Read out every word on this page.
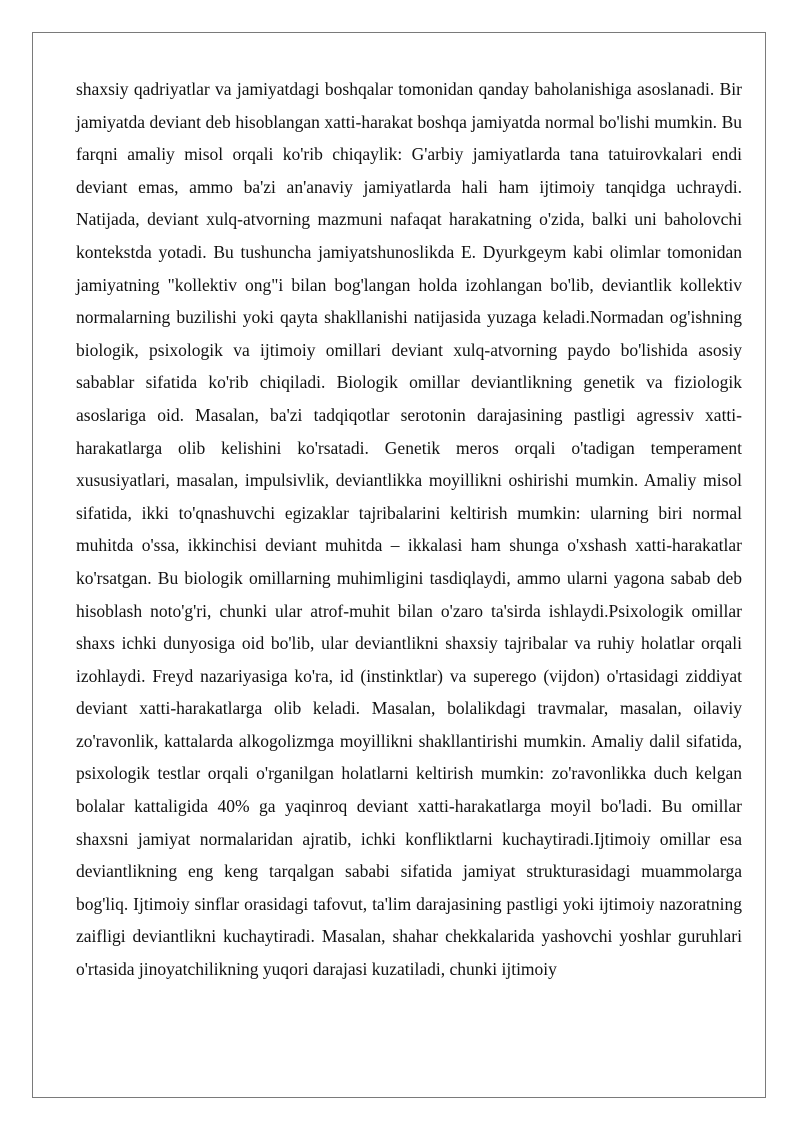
shaxsiy qadriyatlar va jamiyatdagi boshqalar tomonidan qanday baholanishiga asoslanadi. Bir jamiyatda deviant deb hisoblangan xatti-harakat boshqa jamiyatda normal bo'lishi mumkin. Bu farqni amaliy misol orqali ko'rib chiqaylik: G'arbiy jamiyatlarda tana tatuirovkalari endi deviant emas, ammo ba'zi an'anaviy jamiyatlarda hali ham ijtimoiy tanqidga uchraydi. Natijada, deviant xulq-atvorning mazmuni nafaqat harakatning o'zida, balki uni baholovchi kontekstda yotadi. Bu tushuncha jamiyatshunoslikda E. Dyurkgeym kabi olimlar tomonidan jamiyatning "kollektiv ong"i bilan bog'langan holda izohlangan bo'lib, deviantlik kollektiv normalarning buzilishi yoki qayta shakllanishi natijasida yuzaga keladi.Normadan og'ishning biologik, psixologik va ijtimoiy omillari deviant xulq-atvorning paydo bo'lishida asosiy sabablar sifatida ko'rib chiqiladi. Biologik omillar deviantlikning genetik va fiziologik asoslariga oid. Masalan, ba'zi tadqiqotlar serotonin darajasining pastligi agressiv xatti-harakatlarga olib kelishini ko'rsatadi. Genetik meros orqali o'tadigan temperament xususiyatlari, masalan, impulsivlik, deviantlikka moyillikni oshirishi mumkin. Amaliy misol sifatida, ikki to'qnashuvchi egizaklar tajribalarini keltirish mumkin: ularning biri normal muhitda o'ssa, ikkinchisi deviant muhitda – ikkalasi ham shunga o'xshash xatti-harakatlar ko'rsatgan. Bu biologik omillarning muhimligini tasdiqlaydi, ammo ularni yagona sabab deb hisoblash noto'g'ri, chunki ular atrof-muhit bilan o'zaro ta'sirda ishlaydi.Psixologik omillar shaxs ichki dunyosiga oid bo'lib, ular deviantlikni shaxsiy tajribalar va ruhiy holatlar orqali izohlaydi. Freyd nazariyasiga ko'ra, id (instinktlar) va superego (vijdon) o'rtasidagi ziddiyat deviant xatti-harakatlarga olib keladi. Masalan, bolalikdagi travmalar, masalan, oilaviy zo'ravonlik, kattalarda alkogolizmga moyillikni shakllantirishi mumkin. Amaliy dalil sifatida, psixologik testlar orqali o'rganilgan holatlarni keltirish mumkin: zo'ravonlikka duch kelgan bolalar kattaligida 40% ga yaqinroq deviant xatti-harakatlarga moyil bo'ladi. Bu omillar shaxsni jamiyat normalaridan ajratib, ichki konfliktlarni kuchaytiradi.Ijtimoiy omillar esa deviantlikning eng keng tarqalgan sababi sifatida jamiyat strukturasidagi muammolarga bog'liq. Ijtimoiy sinflar orasidagi tafovut, ta'lim darajasining pastligi yoki ijtimoiy nazoratning zaifligi deviantlikni kuchaytiradi. Masalan, shahar chekkalarida yashovchi yoshlar guruhlari o'rtasida jinoyatchilikning yuqori darajasi kuzatiladi, chunki ijtimoiy
